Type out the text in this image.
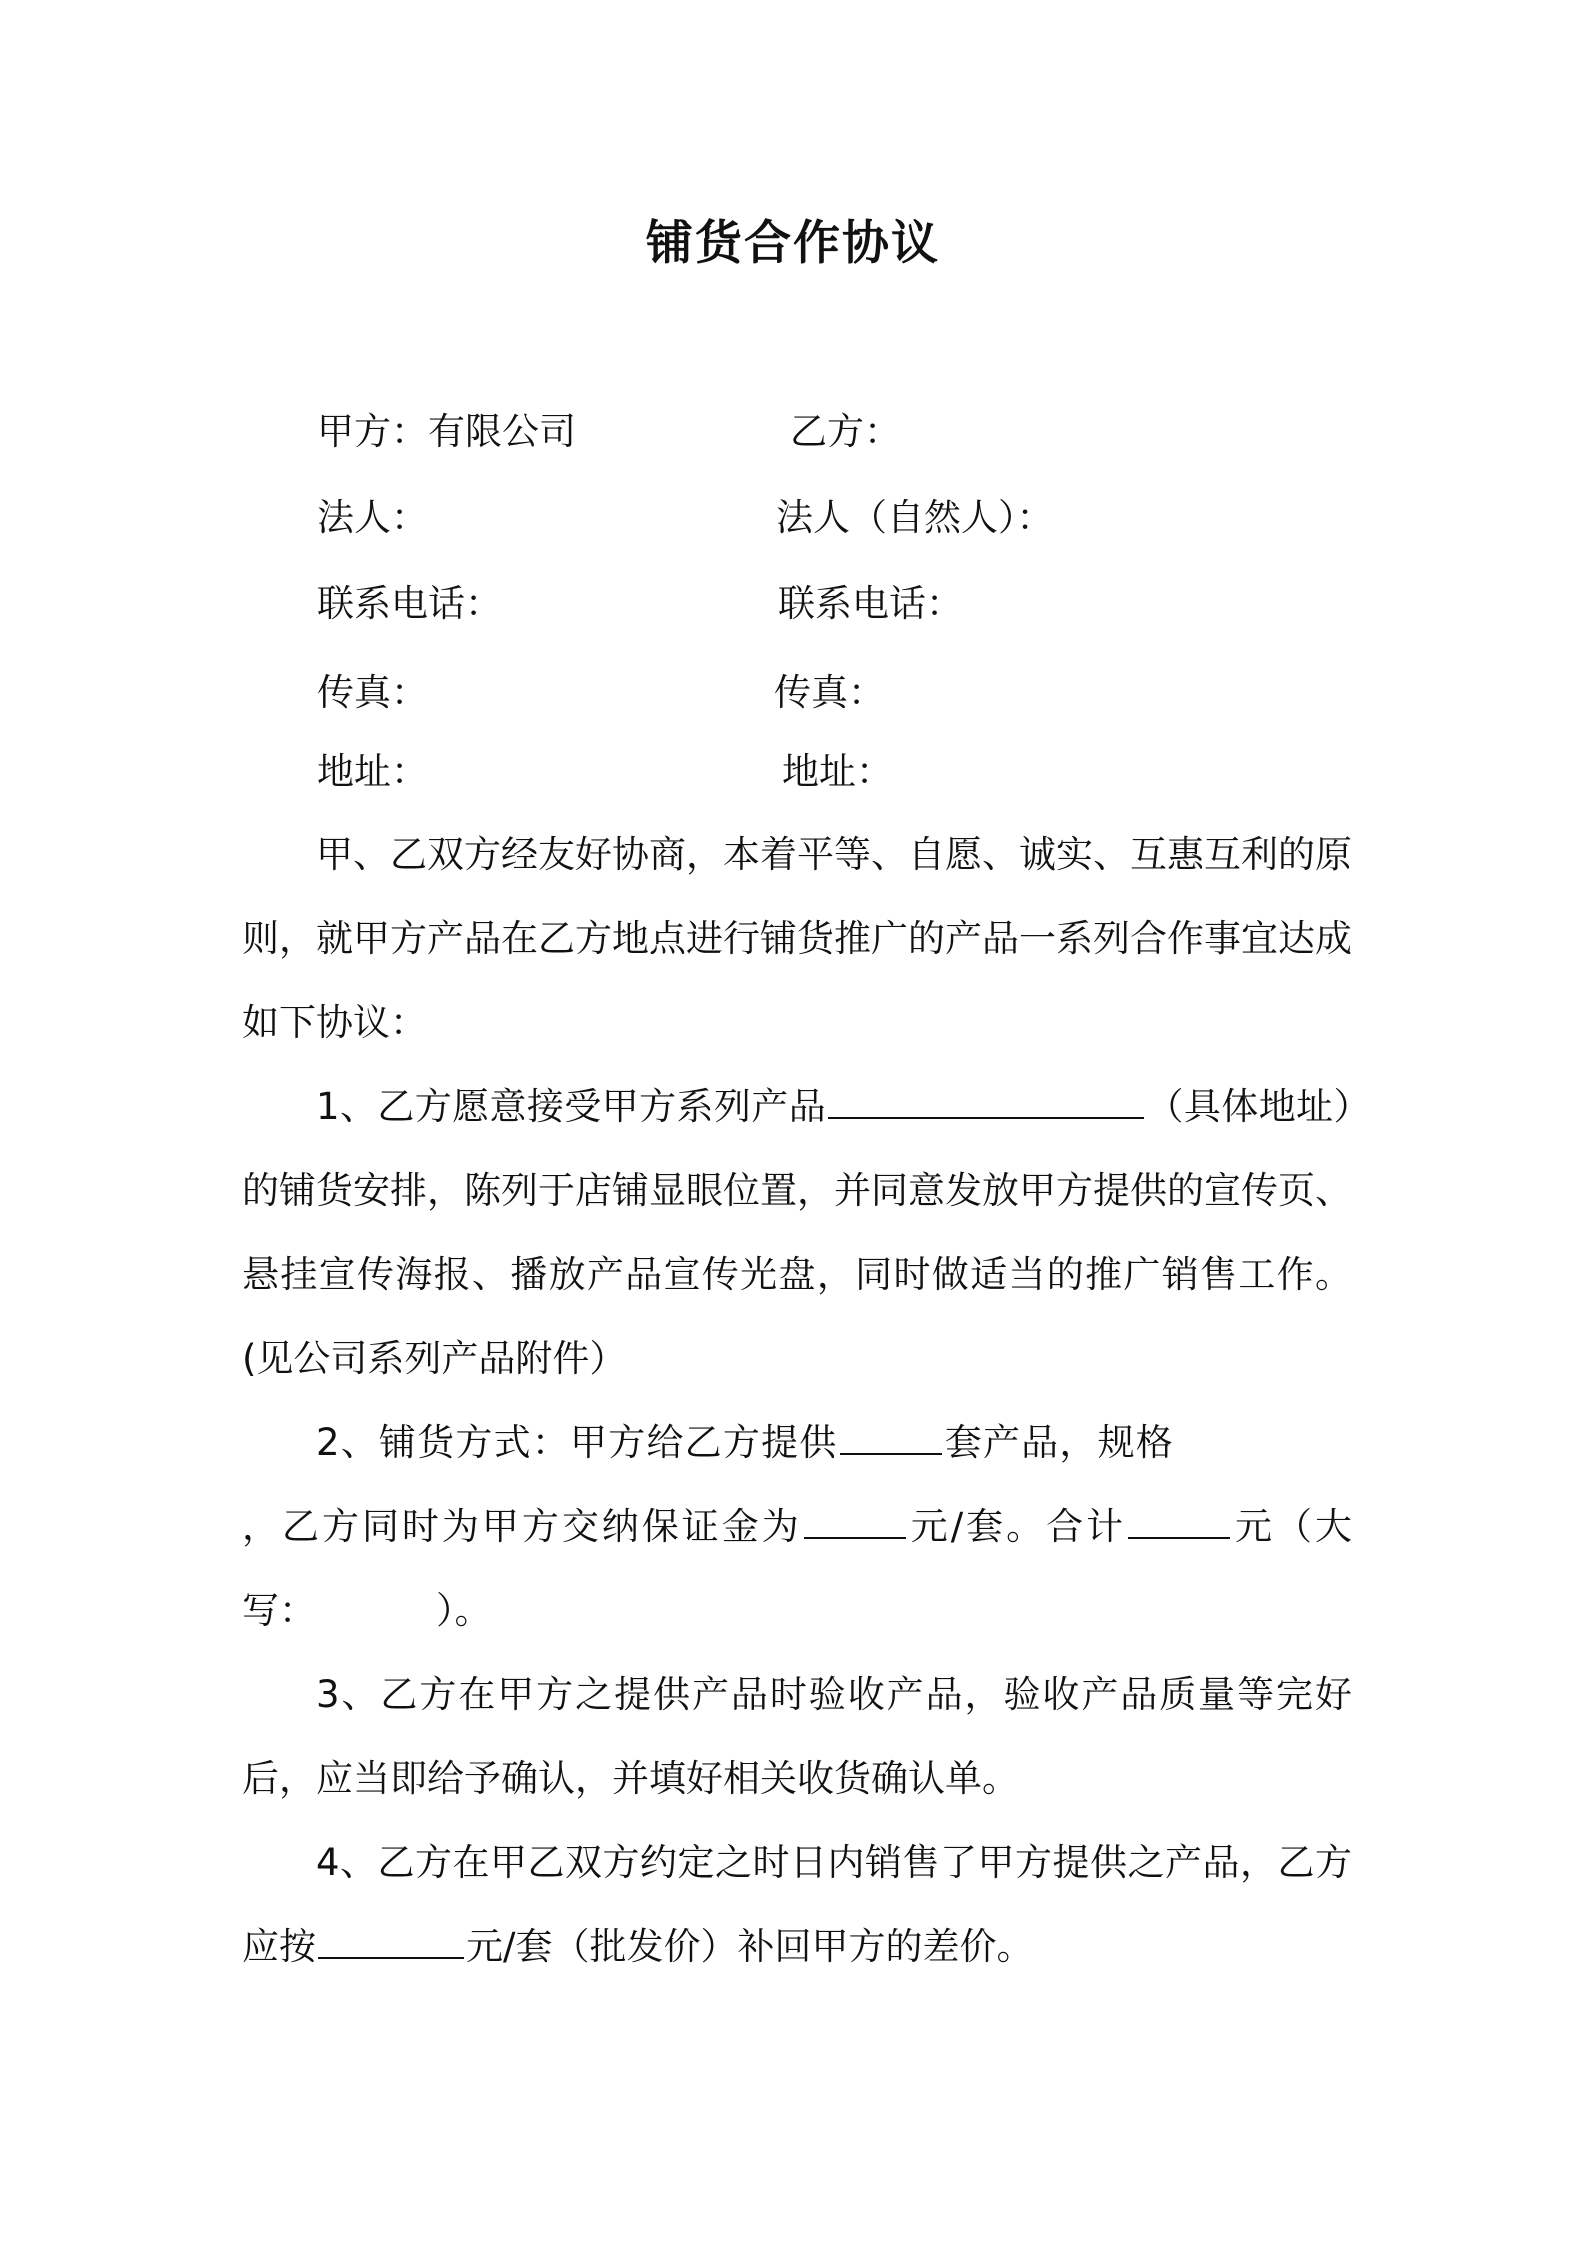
铺货合作协议
甲方：有限公司	乙方：
法人：	法人（自然人）：
联系电话：	联系电话：
传真：	传真：
地址：	地址：

甲、乙双方经友好协商，本着平等、自愿、诚实、互惠互利的原则，就甲方产品在乙方地点进行铺货推广的产品一系列合作事宜达成如下协议：

1、乙方愿意接受甲方系列产品	（具体地址）的铺货安排，陈列于店铺显眼位置，并同意发放甲方提供的宣传页、悬挂宣传海报、播放产品宣传光盘，同时做适当的推广销售工作。(见公司系列产品附件）

2、铺货方式：甲方给乙方提供	套产品，规格，乙方同时为甲方交纳保证金为	元/套。合计	元（大写：	）。

3、乙方在甲方之提供产品时验收产品，验收产品质量等完好后，应当即给予确认，并填好相关收货确认单。

4、乙方在甲乙双方约定之时日内销售了甲方提供之产品，乙方应按	元/套（批发价）补回甲方的差价。
